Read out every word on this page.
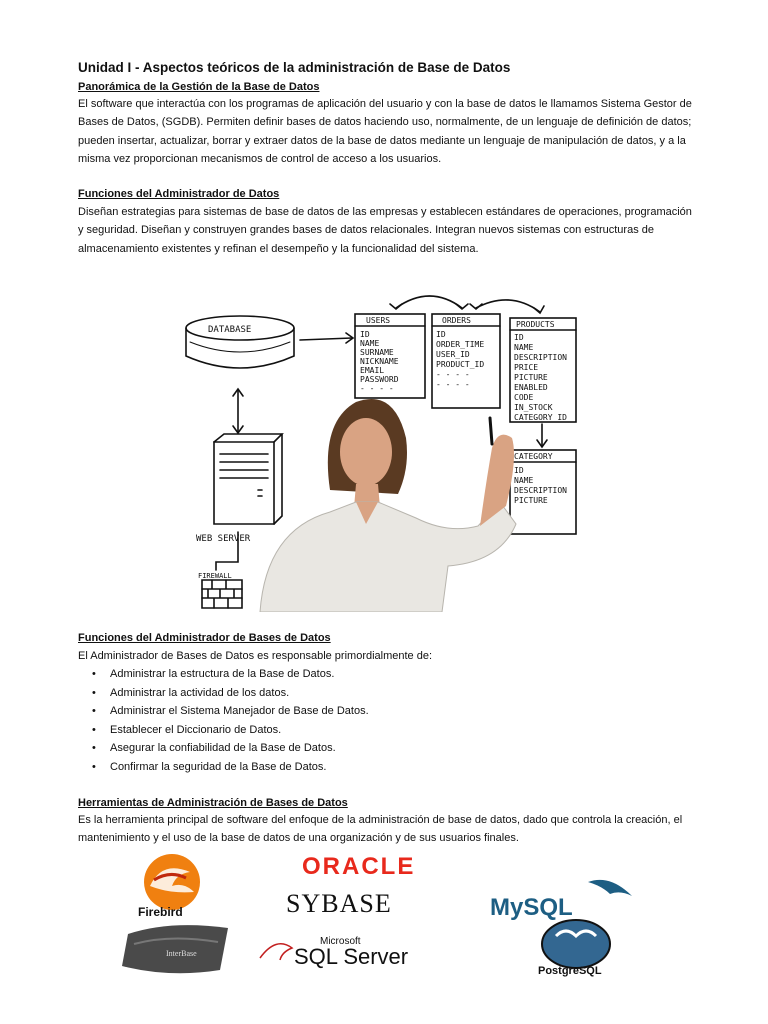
Unidad I - Aspectos teóricos de la administración de Base de Datos
Panorámica de la Gestión de la Base de Datos

El software que interactúa con los programas de aplicación del usuario y con la base de datos le llamamos Sistema Gestor de

Bases de Datos, (SGDB). Permiten definir bases de datos haciendo uso, normalmente, de un lenguaje de definición de datos;

pueden insertar, actualizar, borrar y extraer datos de la base de datos mediante un lenguaje de manipulación de datos, y a la

misma vez proporcionan mecanismos de control de acceso a los usuarios.

Funciones del Administrador de Datos

Diseñan estrategias para sistemas de base de datos de las empresas y establecen estándares de operaciones, programación

y seguridad. Diseñan y construyen grandes bases de datos relacionales. Integran nuevos sistemas con estructuras de

almacenamiento existentes y refinan el desempeño y la funcionalidad del sistema.

DATABASE
WEB SERVER
FIREWALL
USERS
ID
NAME
SURNAME
NICKNAME
EMAIL
PASSWORD
- - - -
ORDERS
ID
ORDER_TIME
USER_ID
PRODUCT_ID
- - - -
- - - -
PRODUCTS
ID
NAME
DESCRIPTION
PRICE
PICTURE
ENABLED
CODE
IN_STOCK
CATEGORY_ID
CATEGORY
ID
NAME
DESCRIPTION
PICTURE
Funciones del Administrador de Bases de Datos

El Administrador de Bases de Datos es responsable primordialmente de:

• Administrar la estructura de la Base de Datos.
• Administrar la actividad de los datos.
• Administrar el Sistema Manejador de Base de Datos.
• Establecer el Diccionario de Datos.
• Asegurar la confiabilidad de la Base de Datos.
• Confirmar la seguridad de la Base de Datos.
Herramientas de Administración de Bases de Datos

Es la herramienta principal de software del enfoque de la administración de base de datos, dado que controla la creación, el

mantenimiento y el uso de la base de datos de una organización y de sus usuarios finales.

Firebird
ORACLE
SYBASE	MySQL
InterBase
Microsoft
SQL Server
PostgreSQL
